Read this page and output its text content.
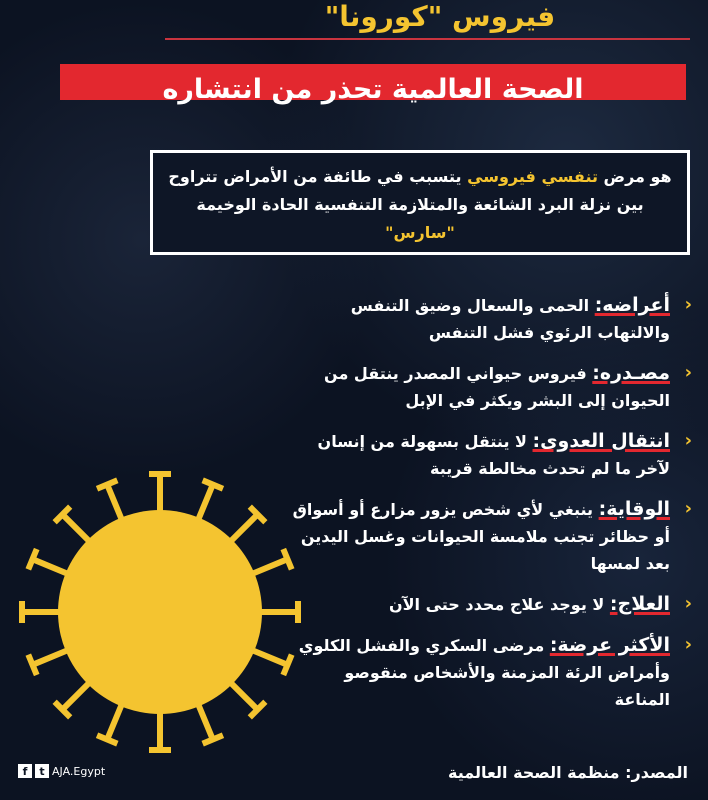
فيروس "كورونا"
الصحة العالمية تحذر من انتشاره
هو مرض تنفسي فيروسي يتسبب في طائفة من الأمراض تتراوح بين نزلة البرد الشائعة والمتلازمة التنفسية الحادة الوخيمة "سارس"
‹
أعراضه: الحمى والسعال وضيق التنفس والالتهاب الرئوي فشل التنفس
‹
مصـدره: فيروس حيواني المصدر ينتقل من الحيوان إلى البشر ويكثر في الإبل
‹
انتقال العدوى: لا ينتقل بسهولة من إنسان لآخر ما لم تحدث مخالطة قريبة
‹
الوقاية: ينبغي لأي شخص يزور مزارع أو أسواق أو حظائر تجنب ملامسة الحيوانات وغسل اليدين بعد لمسها
‹
العلاج: لا يوجد علاج محدد حتى الآن
‹
الأكثر عرضة: مرضى السكري والفشل الكلوي وأمراض الرئة المزمنة والأشخاص منقوصو المناعة
f	t AJA.Egypt	المصدر: منظمة الصحة العالمية
